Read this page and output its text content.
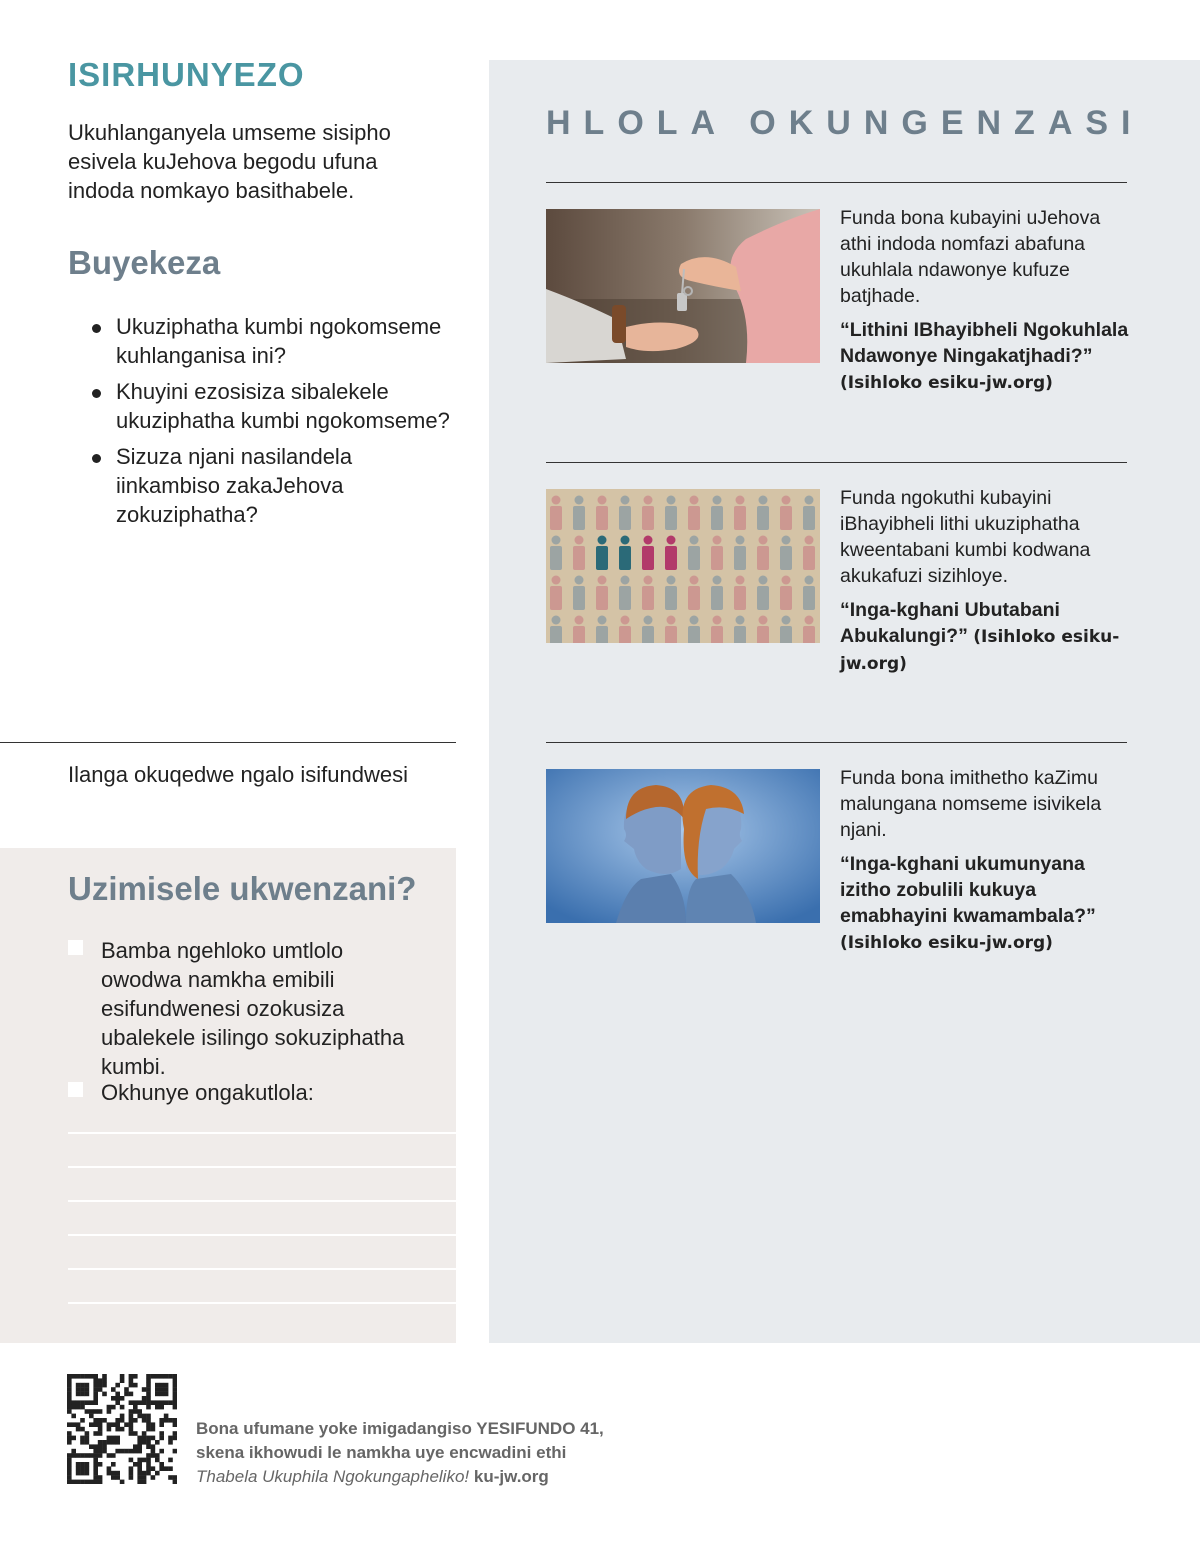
ISIRHUNYEZO
Ukuhlanganyela umseme sisipho esivela kuJehova begodu ufuna indoda nomkayo basithabele.
Buyekeza
Ukuziphatha kumbi ngokomseme kuhlanganisa ini?
Khuyini ezosisiza sibalekele ukuziphatha kumbi ngokomseme?
Sizuza njani nasilandela iinkambiso zakaJehova zokuziphatha?
Ilanga okuqedwe ngalo isifundwesi
Uzimisele ukwenzani?
Bamba ngehloko umtlolo owodwa namkha emibili esifundwenesi ozokusiza ubalekele isilingo sokuziphatha kumbi.
Okhunye ongakutlola:
HLOLA OKUNGENZASI
Funda bona kubayini uJehova athi indoda nomfazi abafuna ukuhlala ndawonye kufuze batjhade.
“Lithini IBhayibheli Ngokuhlala Ndawonye Ningakatjhadi?”
(Isihloko esiku-jw.org)
Funda ngokuthi kubayini iBhayibheli lithi ukuziphatha kweentabani kumbi kodwana akukafuzi sizihloye.
“Inga-kghani Ubutabani Abukalungi?” (Isihloko esiku-jw.org)
Funda bona imithetho kaZimu malungana nomseme isivikela njani.
“Inga-kghani ukumunyana izitho zobulili kukuya emabhayini kwamambala?” (Isihloko esiku-jw.org)
Bona ufumane yoke imigadangiso YESIFUNDO 41,
skena ikhowudi le namkha uye encwadini ethi
Thabela Ukuphila Ngokungapheliko! ku-jw.org
